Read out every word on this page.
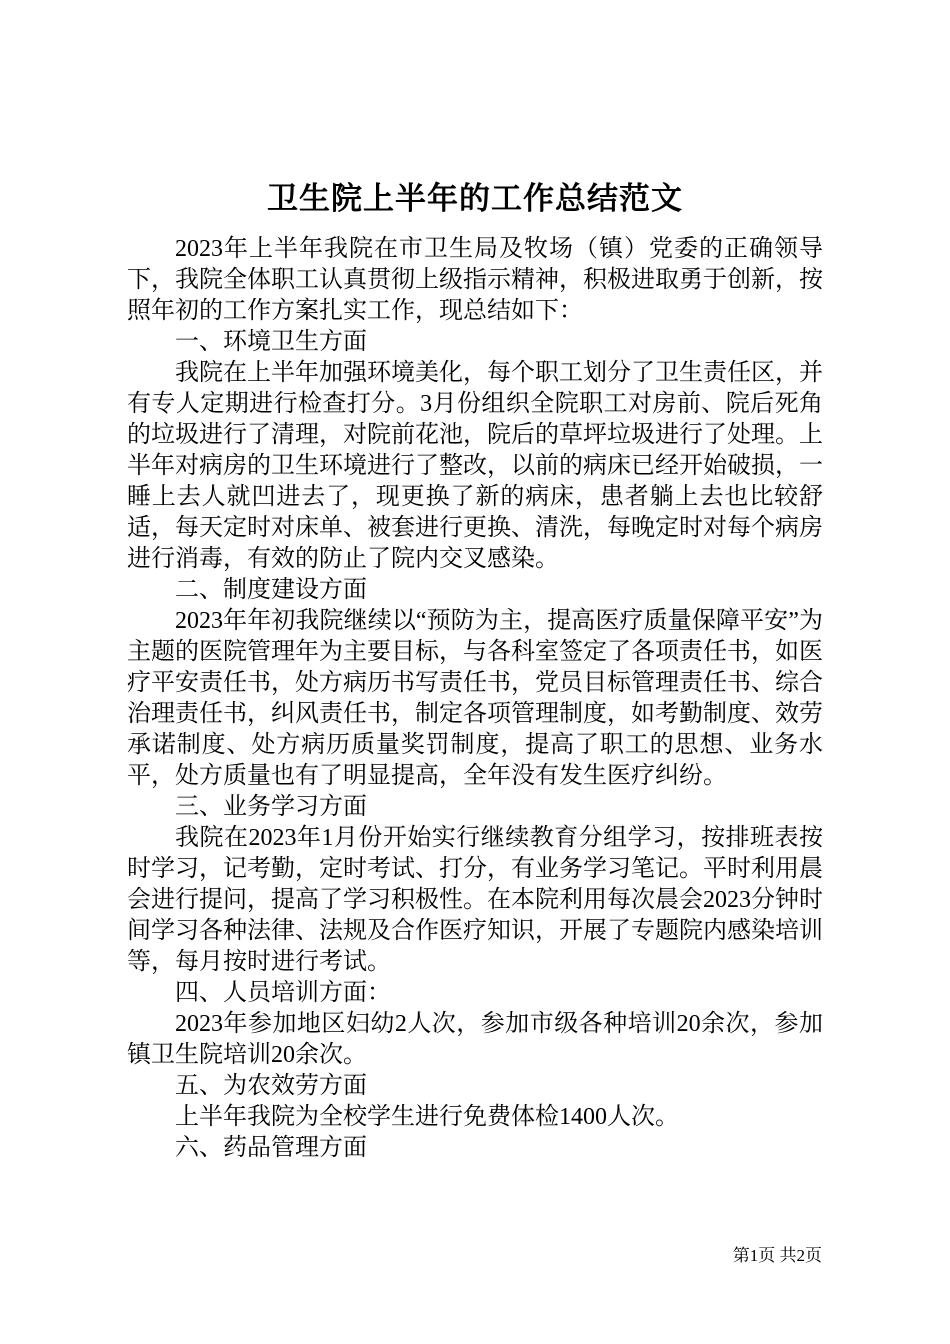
卫生院上半年的工作总结范文

2023年上半年我院在市卫生局及牧场（镇）党委的正确领导下，我院全体职工认真贯彻上级指示精神，积极进取勇于创新，按照年初的工作方案扎实工作，现总结如下：

一、环境卫生方面

我院在上半年加强环境美化，每个职工划分了卫生责任区，并有专人定期进行检查打分。3月份组织全院职工对房前、院后死角的垃圾进行了清理，对院前花池，院后的草坪垃圾进行了处理。上半年对病房的卫生环境进行了整改，以前的病床已经开始破损，一睡上去人就凹进去了，现更换了新的病床，患者躺上去也比较舒适，每天定时对床单、被套进行更换、清洗，每晚定时对每个病房进行消毒，有效的防止了院内交叉感染。

二、制度建设方面

2023年年初我院继续以“预防为主，提高医疗质量保障平安”为主题的医院管理年为主要目标，与各科室签定了各项责任书，如医疗平安责任书，处方病历书写责任书，党员目标管理责任书、综合治理责任书，纠风责任书，制定各项管理制度，如考勤制度、效劳承诺制度、处方病历质量奖罚制度，提高了职工的思想、业务水平，处方质量也有了明显提高，全年没有发生医疗纠纷。

三、业务学习方面

我院在2023年1月份开始实行继续教育分组学习，按排班表按时学习，记考勤，定时考试、打分，有业务学习笔记。平时利用晨会进行提问，提高了学习积极性。在本院利用每次晨会2023分钟时间学习各种法律、法规及合作医疗知识，开展了专题院内感染培训等，每月按时进行考试。

四、人员培训方面：

2023年参加地区妇幼2人次，参加市级各种培训20余次，参加镇卫生院培训20余次。

五、为农效劳方面

上半年我院为全校学生进行免费体检1400人次。

六、药品管理方面

第1页 共2页
